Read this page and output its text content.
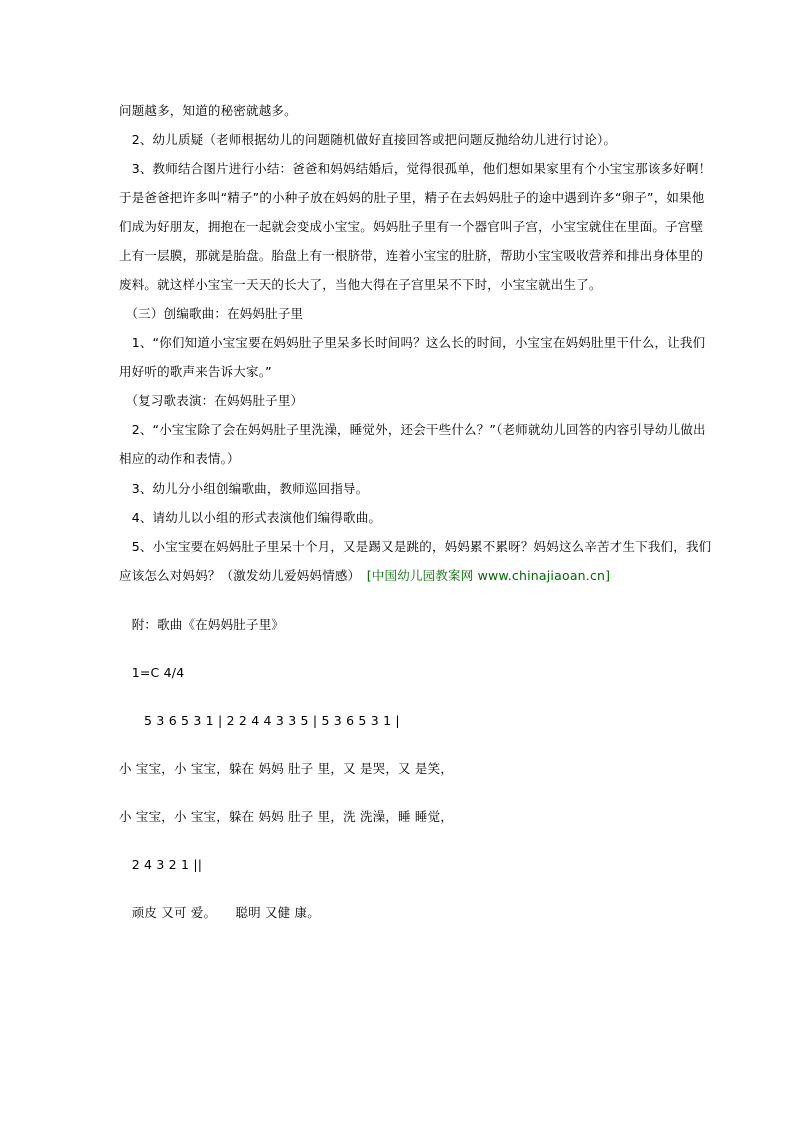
问题越多，知道的秘密就越多。
　2、幼儿质疑（老师根据幼儿的问题随机做好直接回答或把问题反抛给幼儿进行讨论）。
　3、教师结合图片进行小结：爸爸和妈妈结婚后，觉得很孤单，他们想如果家里有个小宝宝那该多好啊！
于是爸爸把许多叫“精子”的小种子放在妈妈的肚子里，精子在去妈妈肚子的途中遇到许多“卵子”，如果他
们成为好朋友，拥抱在一起就会变成小宝宝。妈妈肚子里有一个器官叫子宫，小宝宝就住在里面。子宫壁
上有一层膜，那就是胎盘。胎盘上有一根脐带，连着小宝宝的肚脐，帮助小宝宝吸收营养和排出身体里的
废料。就这样小宝宝一天天的长大了，当他大得在子宫里呆不下时，小宝宝就出生了。
　（三）创编歌曲：在妈妈肚子里
　1、“你们知道小宝宝要在妈妈肚子里呆多长时间吗？这么长的时间，小宝宝在妈妈肚里干什么，让我们
用好听的歌声来告诉大家。”
　（复习歌表演：在妈妈肚子里）
　2、“小宝宝除了会在妈妈肚子里洗澡，睡觉外，还会干些什么？”（老师就幼儿回答的内容引导幼儿做出
相应的动作和表情。）
　3、幼儿分小组创编歌曲，教师巡回指导。
　4、请幼儿以小组的形式表演他们编得歌曲。
　5、小宝宝要在妈妈肚子里呆十个月，又是踢又是跳的，妈妈累不累呀？妈妈这么辛苦才生下我们，我们
应该怎么对妈妈？（激发幼儿爱妈妈情感）　 [中国幼儿园教案网 www.chinajiaoan.cn]
　附：歌曲《在妈妈肚子里》
　1=C 4/4
5 3 6 5 3 1 | 2 2 4 4 3 3 5 | 5 3 6 5 3 1 |
小 宝宝，小 宝宝，躲在 妈妈 肚子 里，又 是哭，又 是笑，
小 宝宝，小 宝宝，躲在 妈妈 肚子 里，洗 洗澡，睡 睡觉，
　2 4 3 2 1 ||
　顽皮 又可 爱。　　聪明 又健 康。
